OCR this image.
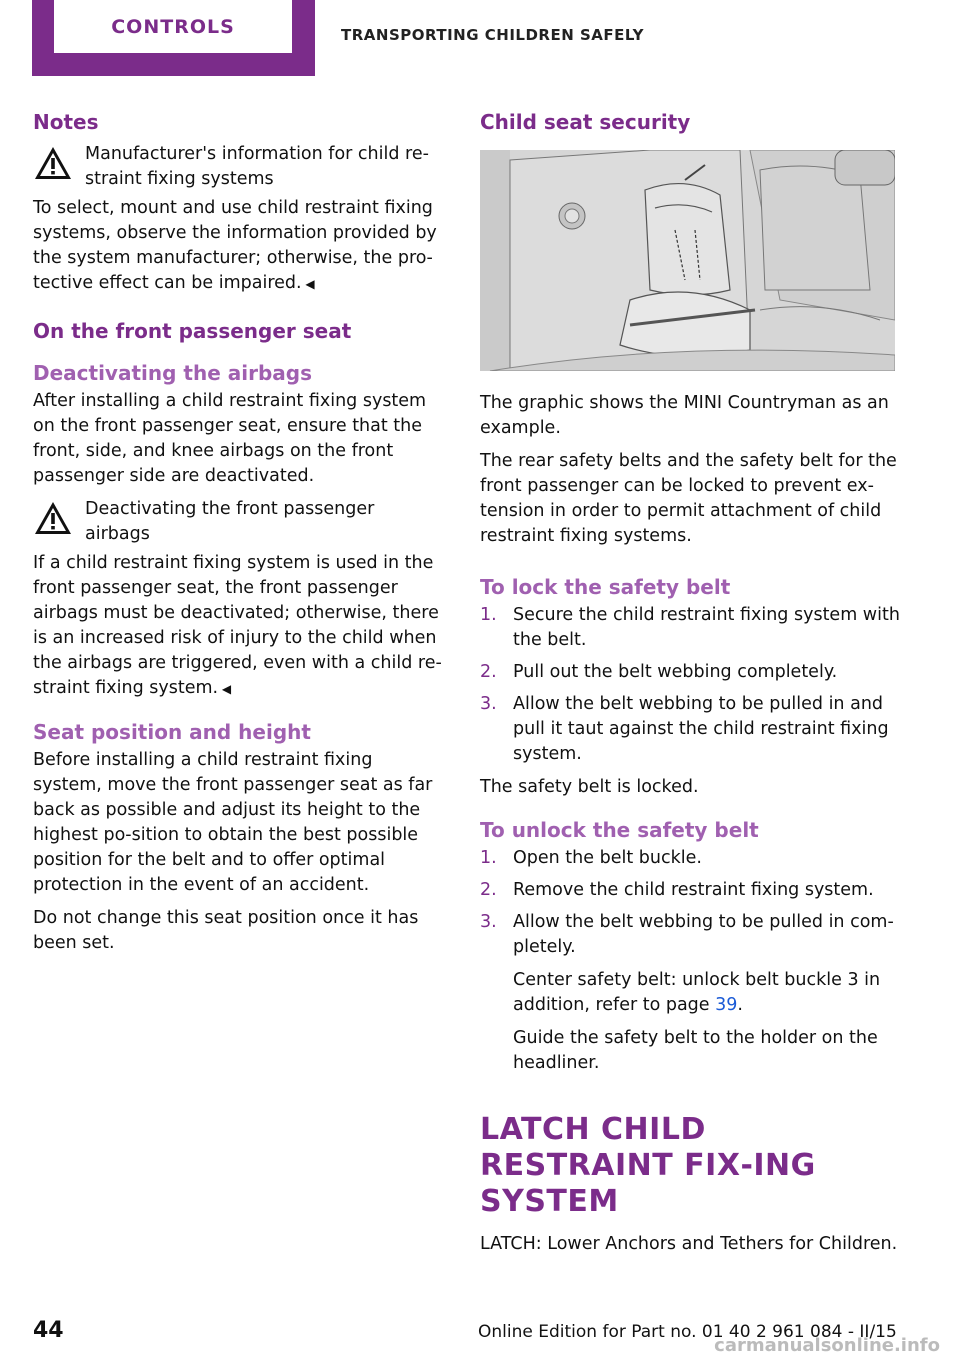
CONTROLS	TRANSPORTING CHILDREN SAFELY
Notes
Manufacturer's information for child re‐straint fixing systems

To select, mount and use child restraint fixing systems, observe the information provided by the system manufacturer; otherwise, the pro‐tective effect can be impaired. ◀

On the front passenger seat
Deactivating the airbags

After installing a child restraint fixing system on the front passenger seat, ensure that the front, side, and knee airbags on the front passenger side are deactivated.

Deactivating the front passenger airbags

If a child restraint fixing system is used in the front passenger seat, the front passenger airbags must be deactivated; otherwise, there is an increased risk of injury to the child when the airbags are triggered, even with a child re‐straint fixing system. ◀

Seat position and height

Before installing a child restraint fixing system, move the front passenger seat as far back as possible and adjust its height to the highest po‐sition to obtain the best possible position for the belt and to offer optimal protection in the event of an accident.

Do not change this seat position once it has been set.

Child seat security

The graphic shows the MINI Countryman as an example.

The rear safety belts and the safety belt for the front passenger can be locked to prevent ex‐tension in order to permit attachment of child restraint fixing systems.

To lock the safety belt
1. Secure the child restraint fixing system with the belt.
2. Pull out the belt webbing completely.
3. Allow the belt webbing to be pulled in and pull it taut against the child restraint fixing system.

The safety belt is locked.

To unlock the safety belt
1. Open the belt buckle.
2. Remove the child restraint fixing system.
3. Allow the belt webbing to be pulled in com‐pletely.

Center safety belt: unlock belt buckle 3 in addition, refer to page 39.

Guide the safety belt to the holder on the headliner.

LATCH CHILD RESTRAINT FIX‐ING SYSTEM

LATCH: Lower Anchors and Tethers for Children.

44	Online Edition for Part no. 01 40 2 961 084 - II/15
carmanualsonline.info
